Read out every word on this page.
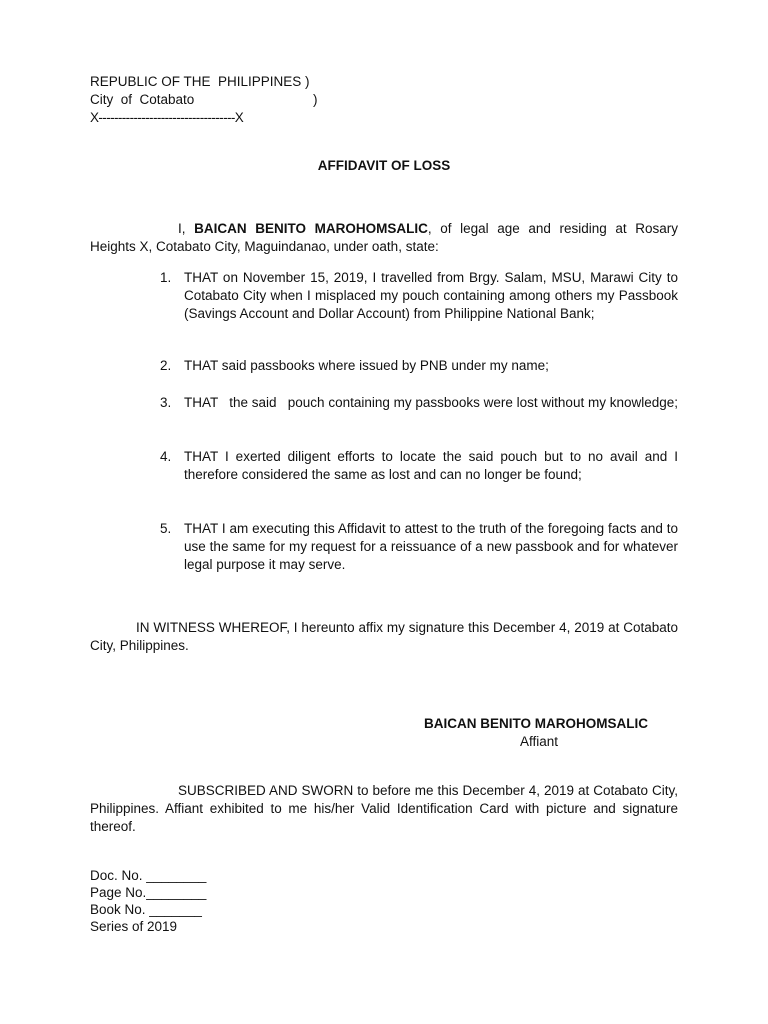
REPUBLIC OF THE  PHILIPPINES )
City  of  Cotabato	)
X-----------------------------------X
AFFIDAVIT OF LOSS
I, BAICAN BENITO MAROHOMSALIC, of legal age and residing at Rosary Heights X, Cotabato City, Maguindanao, under oath, state:
1. THAT on November 15, 2019, I travelled from Brgy. Salam, MSU, Marawi City to Cotabato City when I misplaced my pouch containing among others my Passbook (Savings Account and Dollar Account) from Philippine National Bank;
2. THAT said passbooks where issued by PNB under my name;
3. THAT   the said   pouch containing my passbooks were lost without my knowledge;
4. THAT I exerted diligent efforts to locate the said pouch but to no avail and I therefore considered the same as lost and can no longer be found;
5. THAT I am executing this Affidavit to attest to the truth of the foregoing facts and to use the same for my request for a reissuance of a new passbook and for whatever legal purpose it may serve.
IN WITNESS WHEREOF, I hereunto affix my signature this December 4, 2019 at Cotabato City, Philippines.
BAICAN BENITO MAROHOMSALIC
Affiant
SUBSCRIBED AND SWORN to before me this December 4, 2019 at Cotabato City, Philippines. Affiant exhibited to me his/her Valid Identification Card with picture and signature thereof.
Doc. No. ________
Page No.________
Book No. _______
Series of 2019
